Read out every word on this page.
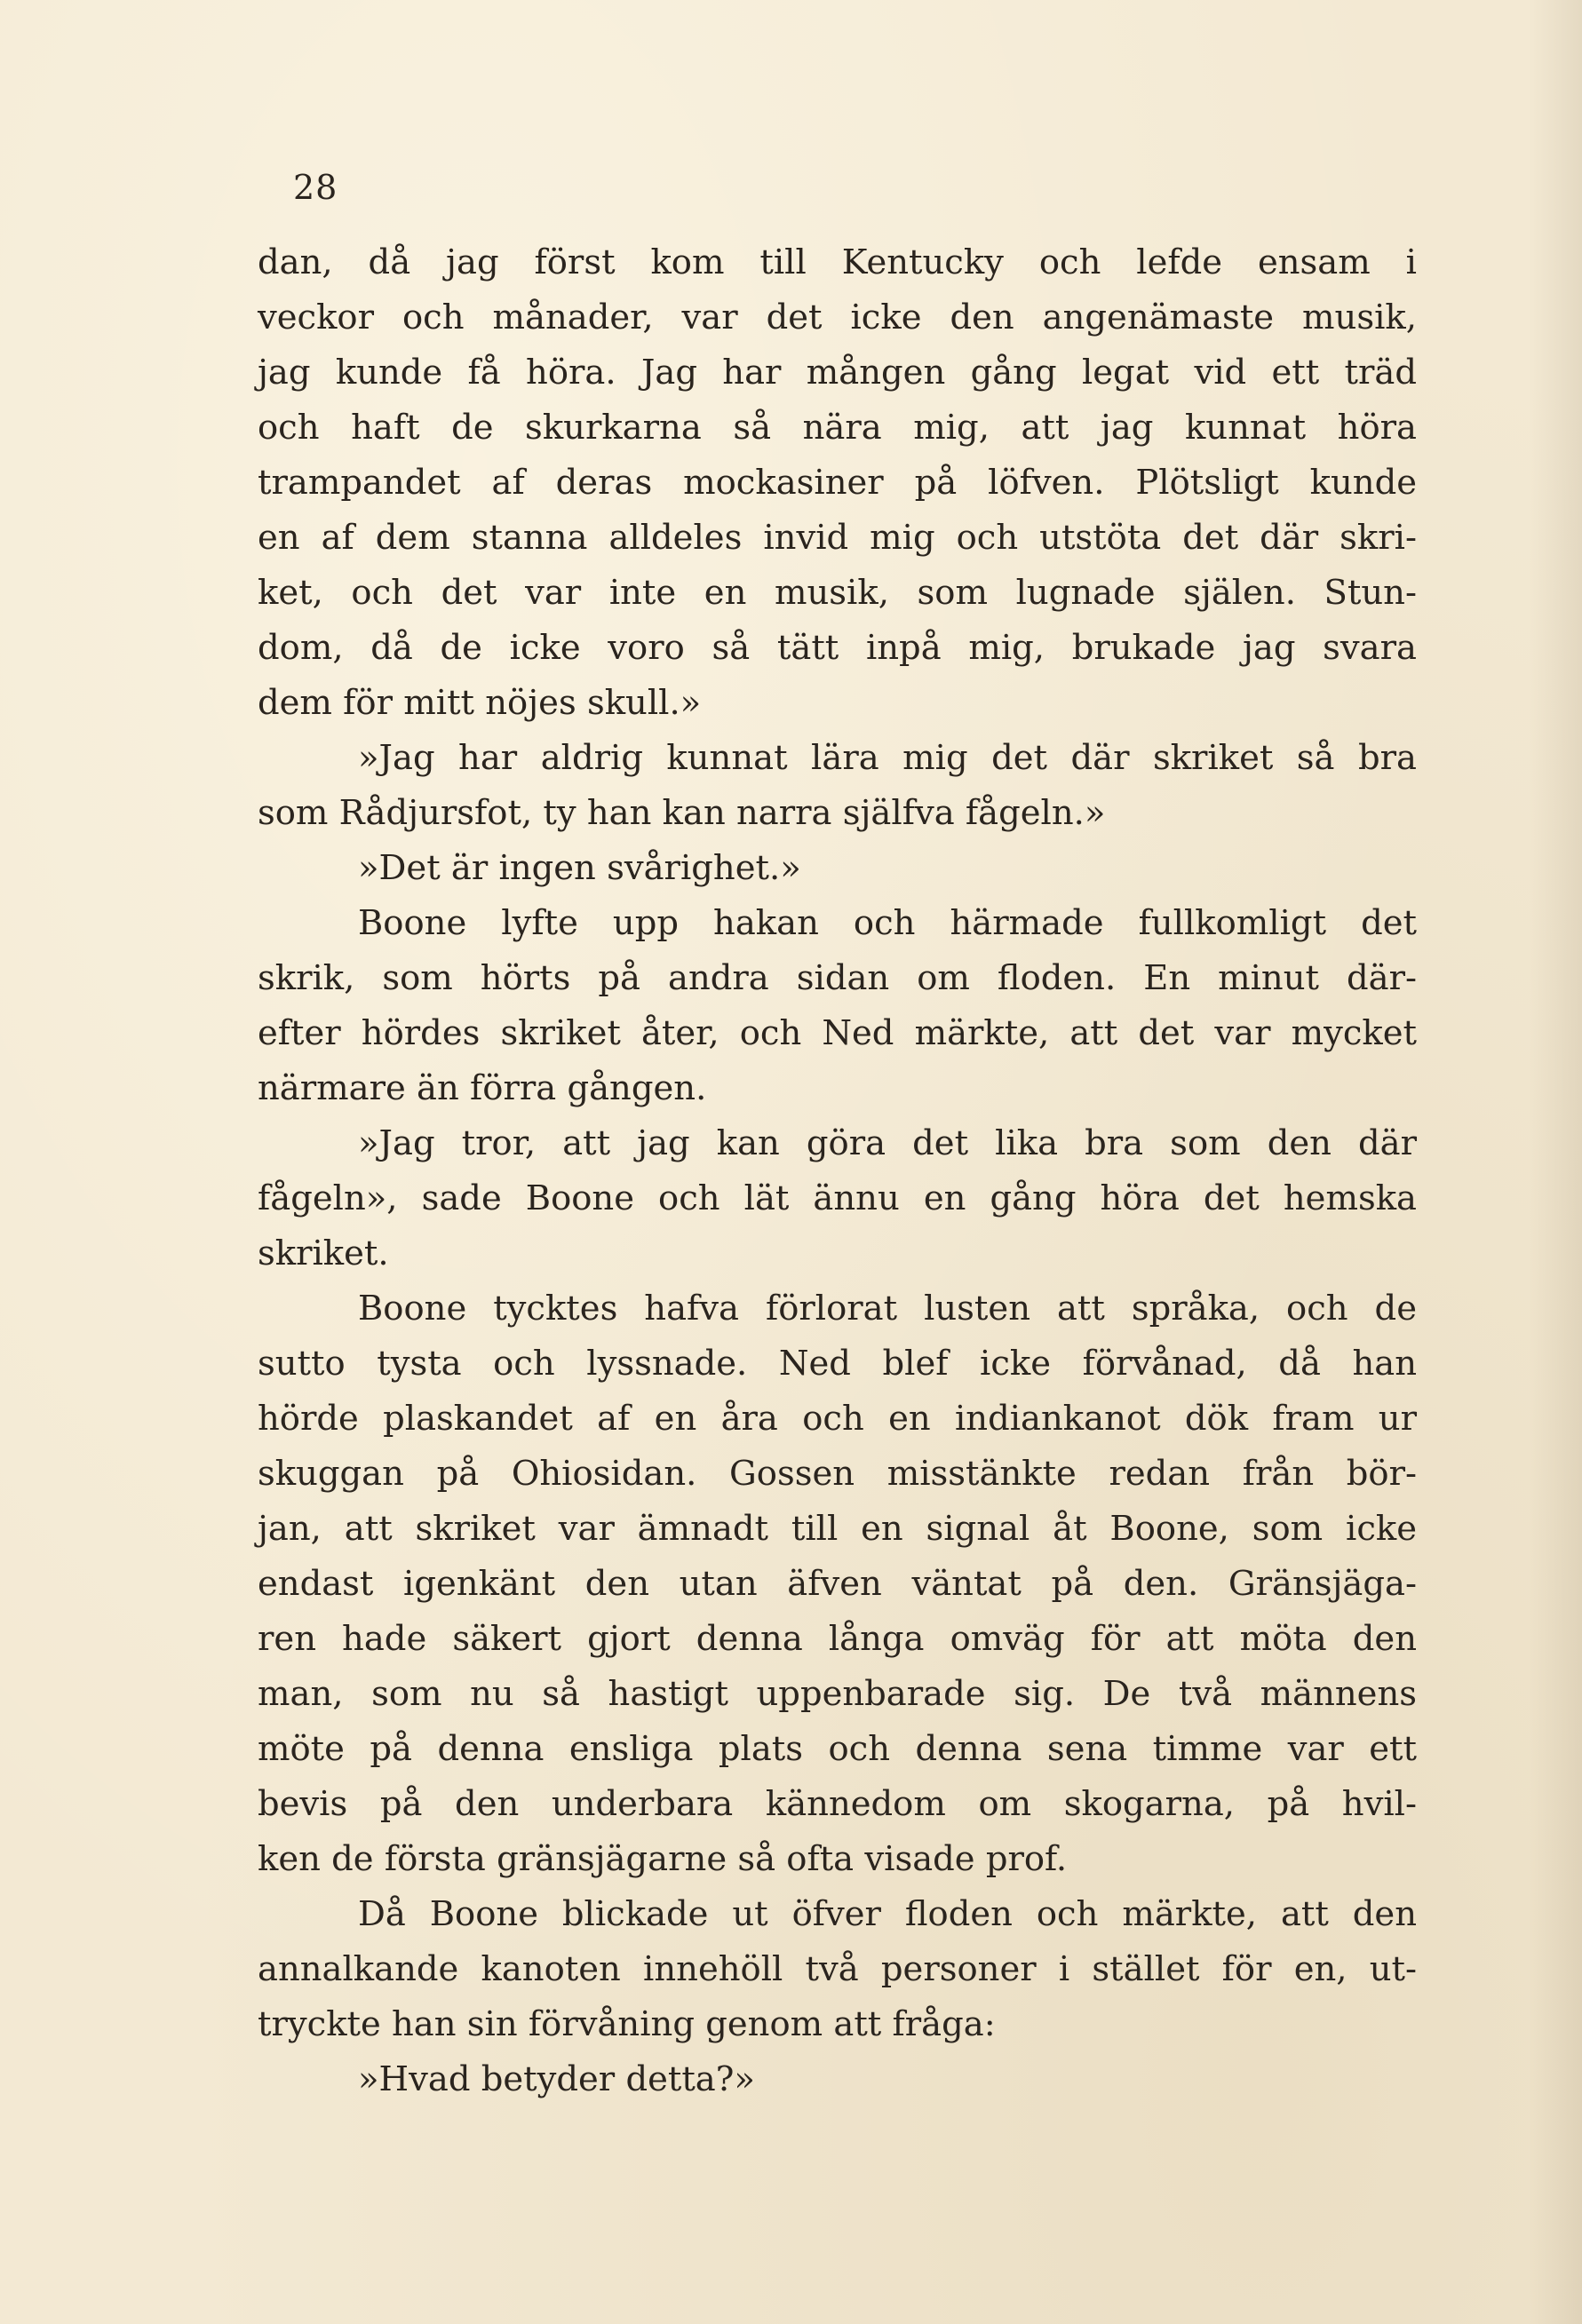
28
dan, då jag först kom till Kentucky och lefde ensam i
veckor och månader, var det icke den angenämaste musik,
jag kunde få höra. Jag har mången gång legat vid ett träd
och haft de skurkarna så nära mig, att jag kunnat höra
trampandet af deras mockasiner på löfven. Plötsligt kunde
en af dem stanna alldeles invid mig och utstöta det där skri-
ket, och det var inte en musik, som lugnade själen. Stun-
dom, då de icke voro så tätt inpå mig, brukade jag svara
dem för mitt nöjes skull.»
»Jag har aldrig kunnat lära mig det där skriket så bra
som Rådjursfot, ty han kan narra själfva fågeln.»
»Det är ingen svårighet.»
Boone lyfte upp hakan och härmade fullkomligt det
skrik, som hörts på andra sidan om floden. En minut där-
efter hördes skriket åter, och Ned märkte, att det var mycket
närmare än förra gången.
»Jag tror, att jag kan göra det lika bra som den där
fågeln», sade Boone och lät ännu en gång höra det hemska
skriket.
Boone tycktes hafva förlorat lusten att språka, och de
sutto tysta och lyssnade. Ned blef icke förvånad, då han
hörde plaskandet af en åra och en indiankanot dök fram ur
skuggan på Ohiosidan. Gossen misstänkte redan från bör-
jan, att skriket var ämnadt till en signal åt Boone, som icke
endast igenkänt den utan äfven väntat på den. Gränsjäga-
ren hade säkert gjort denna långa omväg för att möta den
man, som nu så hastigt uppenbarade sig. De två männens
möte på denna ensliga plats och denna sena timme var ett
bevis på den underbara kännedom om skogarna, på hvil-
ken de första gränsjägarne så ofta visade prof.
Då Boone blickade ut öfver floden och märkte, att den
annalkande kanoten innehöll två personer i stället för en, ut-
tryckte han sin förvåning genom att fråga:
»Hvad betyder detta?»
